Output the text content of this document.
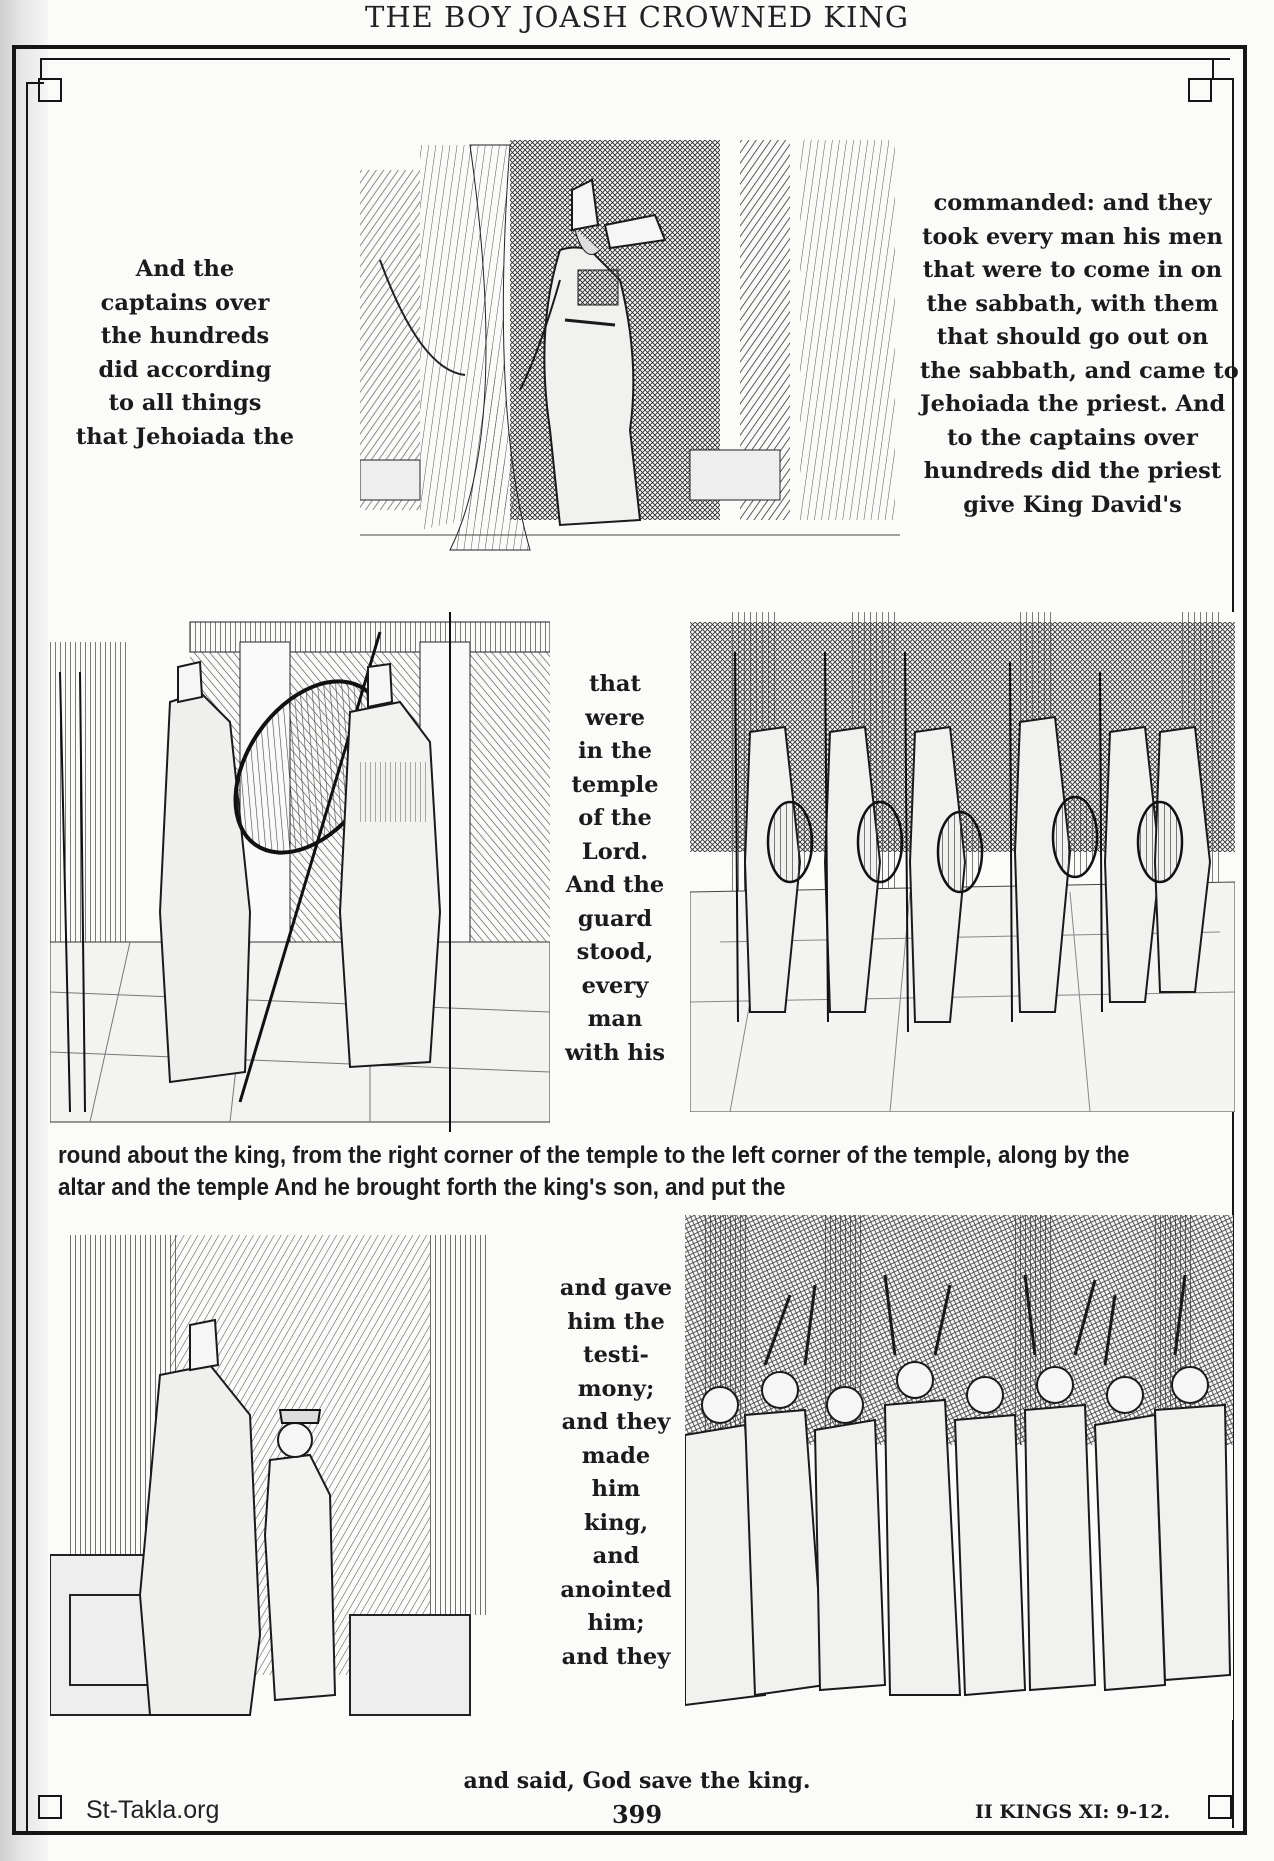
THE BOY JOASH CROWNED KING
And the
captains over
the hundreds
did according
to all things
that Jehoiada the
commanded: and they
took every man his men
that were to come in on
the sabbath, with them
that should go out on
the sabbath, and came to
Jehoiada the priest. And
to the captains over
hundreds did the priest
give King David's
that
were
in the
temple
of the
Lord.
And the
guard
stood,
every
man
with his
round about the king, from the right corner of the temple to the left corner of the temple, along by the
altar and the temple And he brought forth the king's son, and put the
and gave
him the
testi-
mony;
and they
made
him
king,
and
anointed
him;
and they
and said, God save the king.
399	II KINGS XI: 9-12.
St-Takla.org
